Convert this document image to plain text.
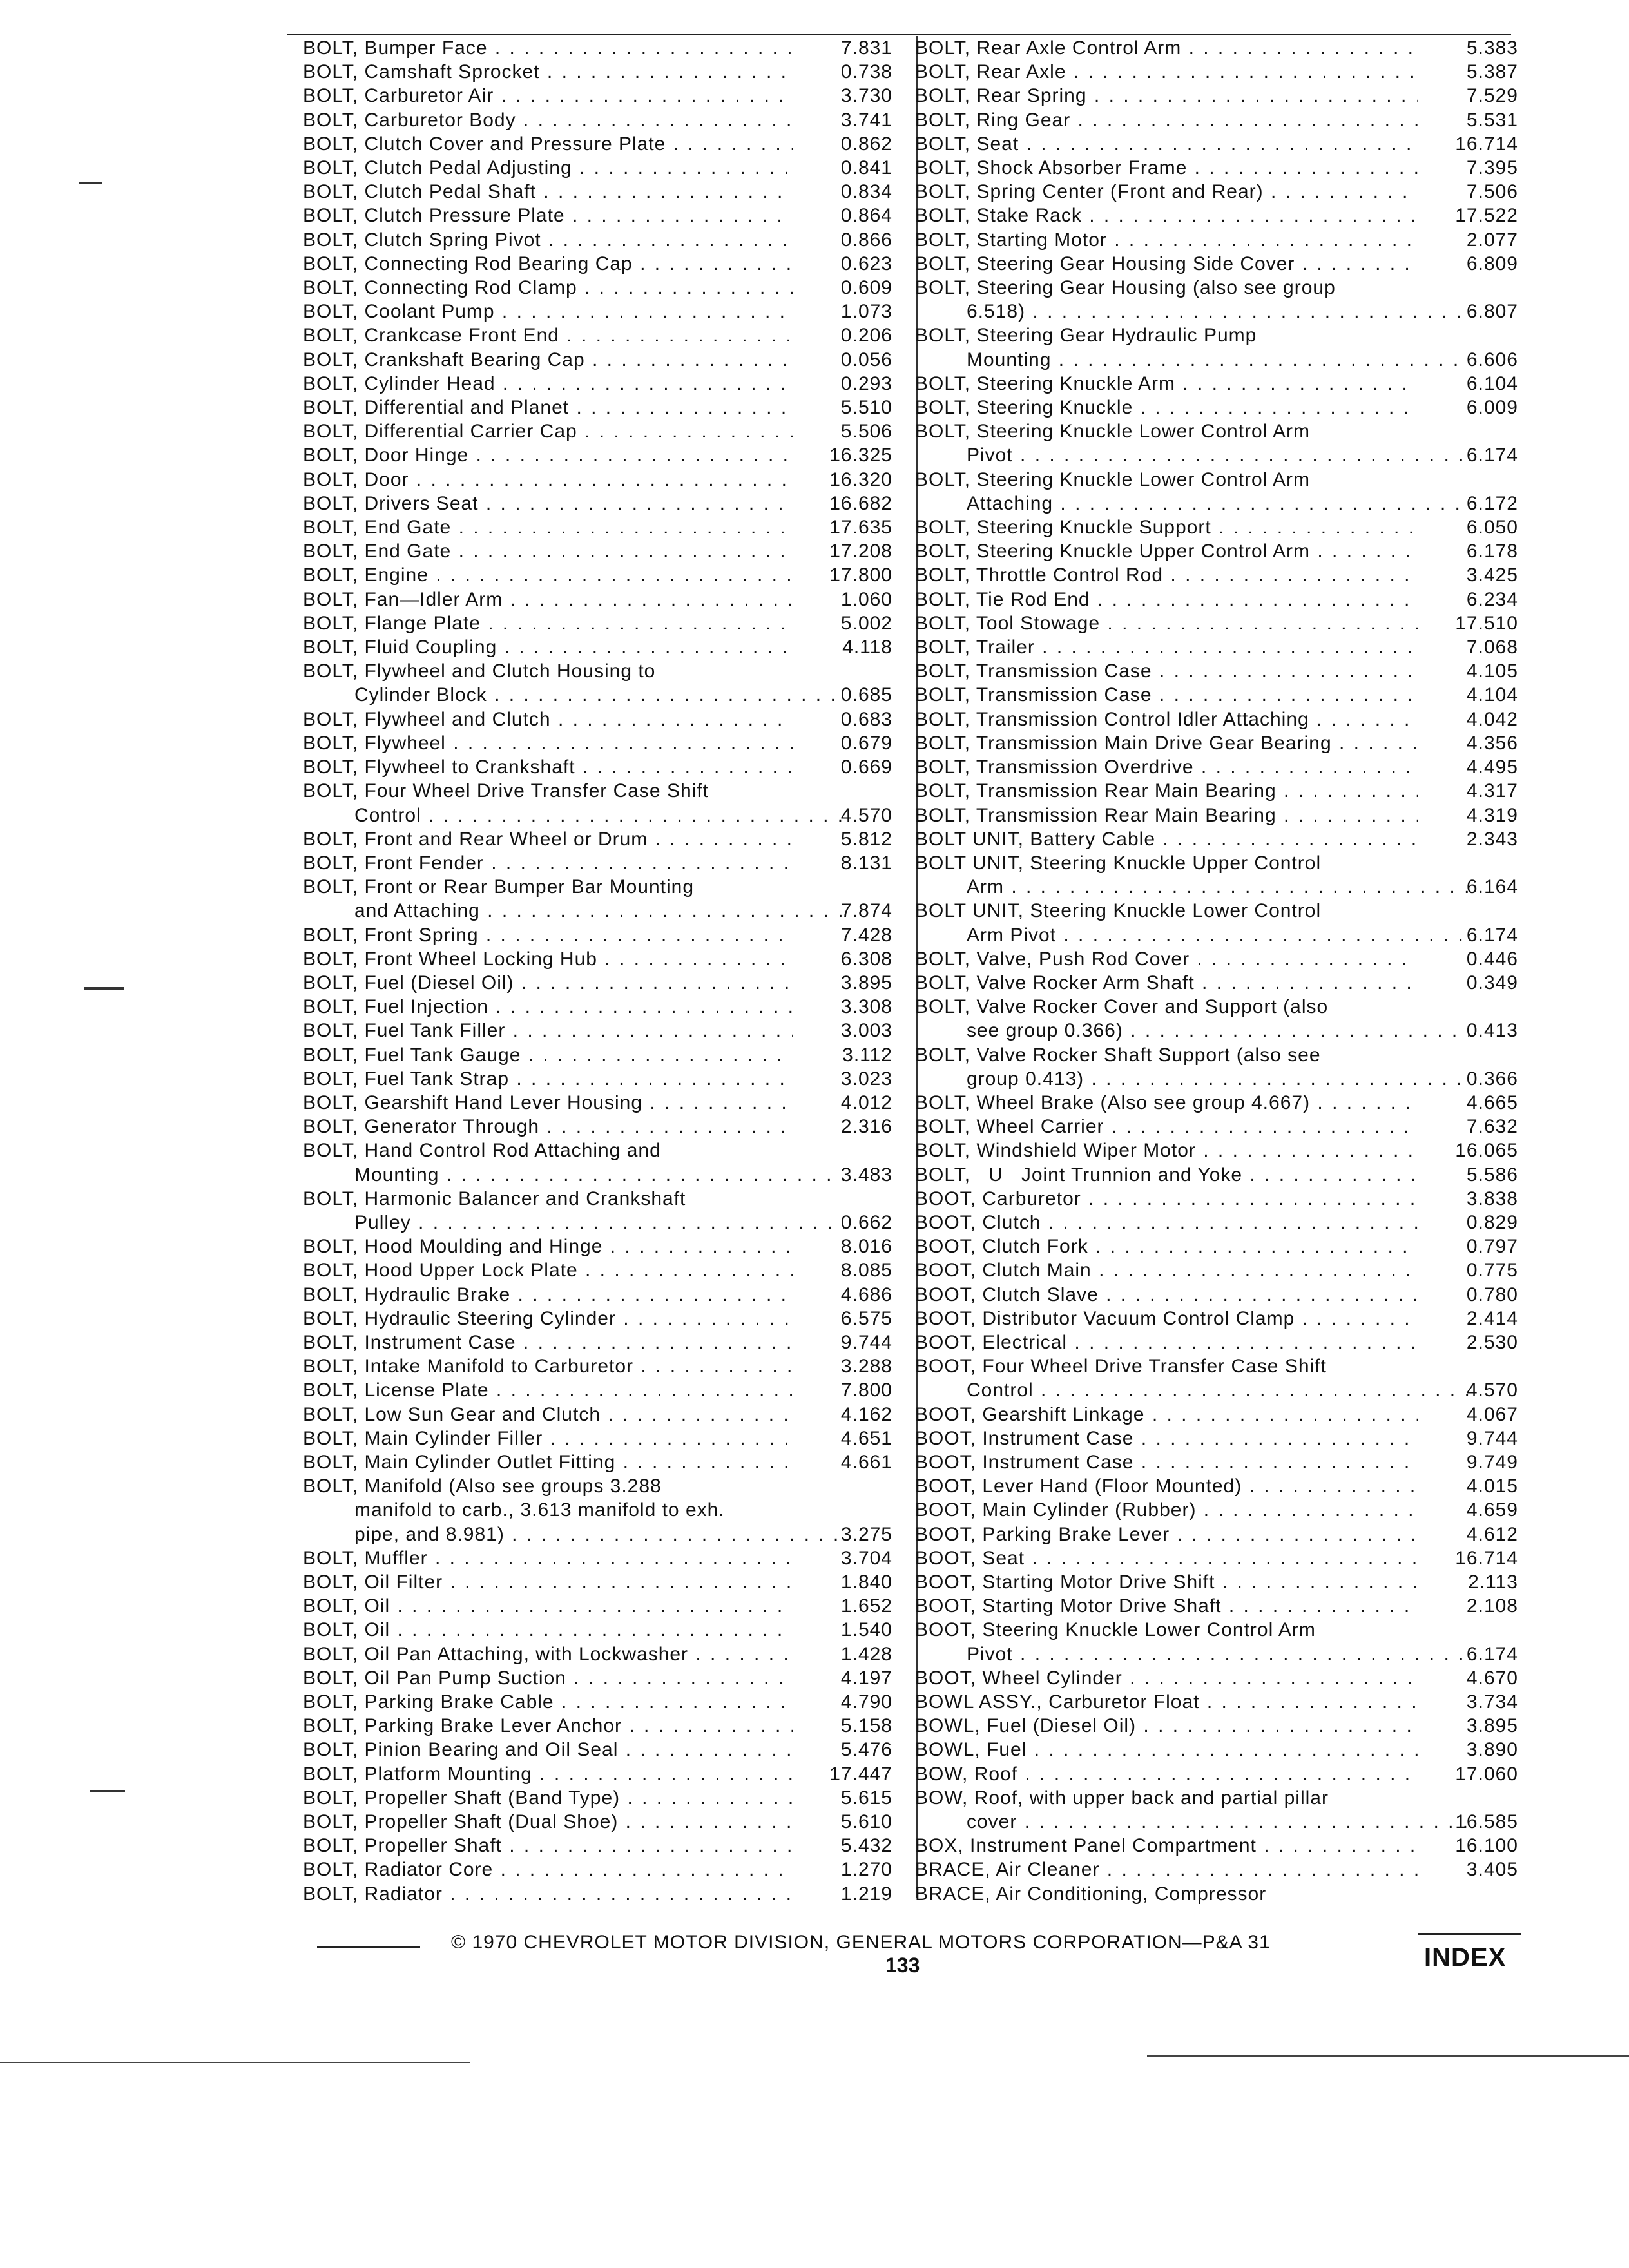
BOLT, Bumper Face . . .	7.831
BOLT, Camshaft Sprocket . . .	0.738
BOLT, Carburetor Air . . .	3.730
BOLT, Carburetor Body . . .	3.741
BOLT, Clutch Cover and Pressure Plate . . .	0.862
BOLT, Clutch Pedal Adjusting . . .	0.841
BOLT, Clutch Pedal Shaft . . .	0.834
BOLT, Clutch Pressure Plate . . .	0.864
BOLT, Clutch Spring Pivot . . .	0.866
BOLT, Connecting Rod Bearing Cap . . .	0.623
BOLT, Connecting Rod Clamp . . .	0.609
BOLT, Coolant Pump . . .	1.073
BOLT, Crankcase Front End . . .	0.206
BOLT, Crankshaft Bearing Cap . . .	0.056
BOLT, Cylinder Head . . .	0.293
BOLT, Differential and Planet . . .	5.510
BOLT, Differential Carrier Cap . . .	5.506
BOLT, Door Hinge . . .	16.325
BOLT, Door . . .	16.320
BOLT, Drivers Seat . . .	16.682
BOLT, End Gate . . .	17.635
BOLT, End Gate . . .	17.208
BOLT, Engine . . .	17.800
BOLT, Fan—Idler Arm . . .	1.060
BOLT, Flange Plate . . .	5.002
BOLT, Fluid Coupling . . .	4.118
BOLT, Flywheel and Clutch Housing to
Cylinder Block . . .	0.685
BOLT, Flywheel and Clutch . . .	0.683
BOLT, Flywheel . . .	0.679
BOLT, Flywheel to Crankshaft . . .	0.669
BOLT, Four Wheel Drive Transfer Case Shift
Control . . .	4.570
BOLT, Front and Rear Wheel or Drum . . .	5.812
BOLT, Front Fender . . .	8.131
BOLT, Front or Rear Bumper Bar Mounting
and Attaching . . .	7.874
BOLT, Front Spring . . .	7.428
BOLT, Front Wheel Locking Hub . . .	6.308
BOLT, Fuel (Diesel Oil) . . .	3.895
BOLT, Fuel Injection . . .	3.308
BOLT, Fuel Tank Filler . . .	3.003
BOLT, Fuel Tank Gauge . . .	3.112
BOLT, Fuel Tank Strap . . .	3.023
BOLT, Gearshift Hand Lever Housing . . .	4.012
BOLT, Generator Through . . .	2.316
BOLT, Hand Control Rod Attaching and
Mounting . . .	3.483
BOLT, Harmonic Balancer and Crankshaft
Pulley . . .	0.662
BOLT, Hood Moulding and Hinge . . .	8.016
BOLT, Hood Upper Lock Plate . . .	8.085
BOLT, Hydraulic Brake . . .	4.686
BOLT, Hydraulic Steering Cylinder . . .	6.575
BOLT, Instrument Case . . .	9.744
BOLT, Intake Manifold to Carburetor . . .	3.288
BOLT, License Plate . . .	7.800
BOLT, Low Sun Gear and Clutch . . .	4.162
BOLT, Main Cylinder Filler . . .	4.651
BOLT, Main Cylinder Outlet Fitting . . .	4.661
BOLT, Manifold (Also see groups 3.288
manifold to carb., 3.613 manifold to exh.
pipe, and 8.981) . . .	3.275
BOLT, Muffler . . .	3.704
BOLT, Oil Filter . . .	1.840
BOLT, Oil . . .	1.652
BOLT, Oil . . .	1.540
BOLT, Oil Pan Attaching, with Lockwasher . . .	1.428
BOLT, Oil Pan Pump Suction . . .	4.197
BOLT, Parking Brake Cable . . .	4.790
BOLT, Parking Brake Lever Anchor . . .	5.158
BOLT, Pinion Bearing and Oil Seal . . .	5.476
BOLT, Platform Mounting . . .	17.447
BOLT, Propeller Shaft (Band Type) . . .	5.615
BOLT, Propeller Shaft (Dual Shoe) . . .	5.610
BOLT, Propeller Shaft . . .	5.432
BOLT, Radiator Core . . .	1.270
BOLT, Radiator . . .	1.219
BOLT, Rear Axle Control Arm . . .	5.383
BOLT, Rear Axle . . .	5.387
BOLT, Rear Spring . . .	7.529
BOLT, Ring Gear . . .	5.531
BOLT, Seat . . .	16.714
BOLT, Shock Absorber Frame . . .	7.395
BOLT, Spring Center (Front and Rear) . . .	7.506
BOLT, Stake Rack . . .	17.522
BOLT, Starting Motor . . .	2.077
BOLT, Steering Gear Housing Side Cover . . .	6.809
BOLT, Steering Gear Housing (also see group
6.518) . . .	6.807
BOLT, Steering Gear Hydraulic Pump
Mounting . . .	6.606
BOLT, Steering Knuckle Arm . . .	6.104
BOLT, Steering Knuckle . . .	6.009
BOLT, Steering Knuckle Lower Control Arm
Pivot . . .	6.174
BOLT, Steering Knuckle Lower Control Arm
Attaching . . .	6.172
BOLT, Steering Knuckle Support . . .	6.050
BOLT, Steering Knuckle Upper Control Arm . . .	6.178
BOLT, Throttle Control Rod . . .	3.425
BOLT, Tie Rod End . . .	6.234
BOLT, Tool Stowage . . .	17.510
BOLT, Trailer . . .	7.068
BOLT, Transmission Case . . .	4.105
BOLT, Transmission Case . . .	4.104
BOLT, Transmission Control Idler Attaching . . .	4.042
BOLT, Transmission Main Drive Gear Bearing . . .	4.356
BOLT, Transmission Overdrive . . .	4.495
BOLT, Transmission Rear Main Bearing . . .	4.317
BOLT, Transmission Rear Main Bearing . . .	4.319
BOLT UNIT, Battery Cable . . .	2.343
BOLT UNIT, Steering Knuckle Upper Control
Arm . . .	6.164
BOLT UNIT, Steering Knuckle Lower Control
Arm Pivot . . .	6.174
BOLT, Valve, Push Rod Cover . . .	0.446
BOLT, Valve Rocker Arm Shaft . . .	0.349
BOLT, Valve Rocker Cover and Support (also
see group 0.366) . . .	0.413
BOLT, Valve Rocker Shaft Support (also see
group 0.413) . . .	0.366
BOLT, Wheel Brake (Also see group 4.667) . . .	4.665
BOLT, Wheel Carrier . . .	7.632
BOLT, Windshield Wiper Motor . . .	16.065
BOLT,   U   Joint Trunnion and Yoke . . .	5.586
BOOT, Carburetor . . .	3.838
BOOT, Clutch . . .	0.829
BOOT, Clutch Fork . . .	0.797
BOOT, Clutch Main . . .	0.775
BOOT, Clutch Slave . . .	0.780
BOOT, Distributor Vacuum Control Clamp . . .	2.414
BOOT, Electrical . . .	2.530
BOOT, Four Wheel Drive Transfer Case Shift
Control . . .	4.570
BOOT, Gearshift Linkage . . .	4.067
BOOT, Instrument Case . . .	9.744
BOOT, Instrument Case . . .	9.749
BOOT, Lever Hand (Floor Mounted) . . .	4.015
BOOT, Main Cylinder (Rubber) . . .	4.659
BOOT, Parking Brake Lever . . .	4.612
BOOT, Seat . . .	16.714
BOOT, Starting Motor Drive Shift . . .	2.113
BOOT, Starting Motor Drive Shaft . . .	2.108
BOOT, Steering Knuckle Lower Control Arm
Pivot . . .	6.174
BOOT, Wheel Cylinder . . .	4.670
BOWL ASSY., Carburetor Float . . .	3.734
BOWL, Fuel (Diesel Oil) . . .	3.895
BOWL, Fuel . . .	3.890
BOW, Roof . . .	17.060
BOW, Roof, with upper back and partial pillar
cover . . .	16.585
BOX, Instrument Panel Compartment . . .	16.100
BRACE, Air Cleaner . . .	3.405
BRACE, Air Conditioning, Compressor
© 1970 CHEVROLET MOTOR DIVISION, GENERAL MOTORS CORPORATION—P&A 31
133	INDEX
